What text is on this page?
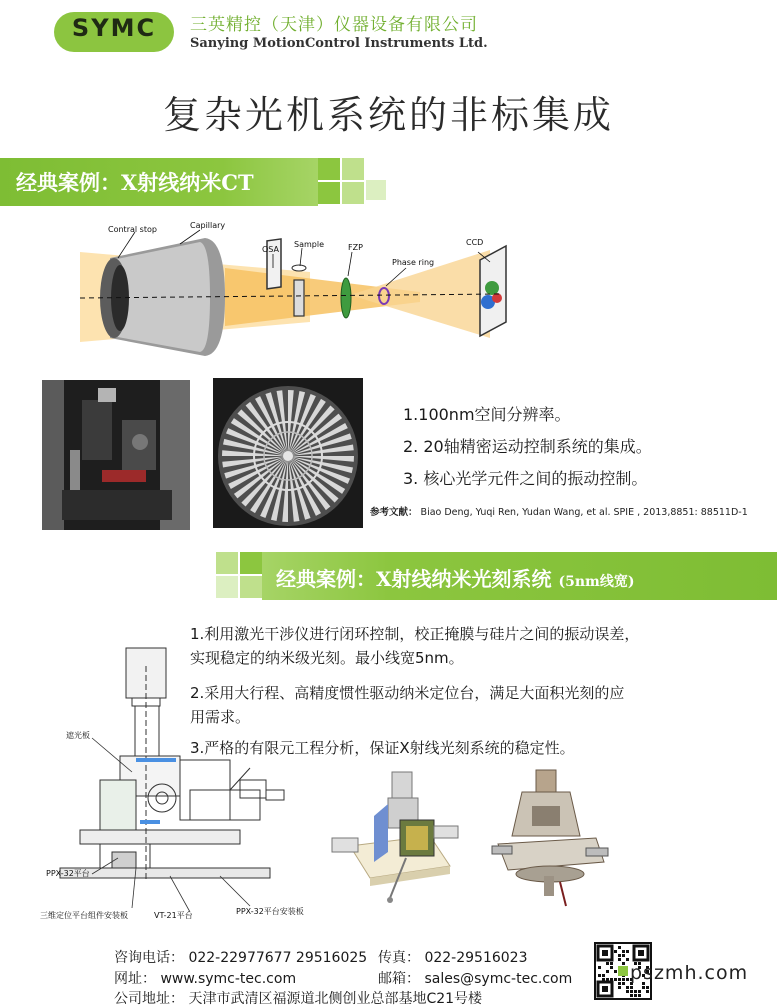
SYMC	三英精控（天津）仪器设备有限公司
Sanying MotionControl Instruments Ltd.
复杂光机系统的非标集成
经典案例：X射线纳米CT
Contral stop	Capillary
OSA
Sample	FZP
Phase ring
CCD
1.100nm空间分辨率。
2. 20轴精密运动控制系统的集成。
3. 核心光学元件之间的振动控制。
参考文献： Biao Deng, Yuqi Ren, Yudan Wang, et al. SPIE , 2013,8851: 88511D-1
经典案例：X射线纳米光刻系统 (5nm线宽)
1.利用激光干涉仪进行闭环控制，校正掩膜与硅片之间的振动误差，
实现稳定的纳米级光刻。最小线宽5nm。
2.采用大行程、高精度惯性驱动纳米定位台，满足大面积光刻的应
用需求。
3.严格的有限元工程分析，保证X射线光刻系统的稳定性。
遮光板
PPX-32平台
三维定位平台组件安装板	VT-21平台	PPX-32平台安装板
咨询电话： 022-22977677 29516025 传真： 022-29516023
网址： www.symc-tec.com	邮箱： sales@symc-tec.com
公司地址： 天津市武清区福源道北侧创业总部基地C21号楼
pszmh.com
